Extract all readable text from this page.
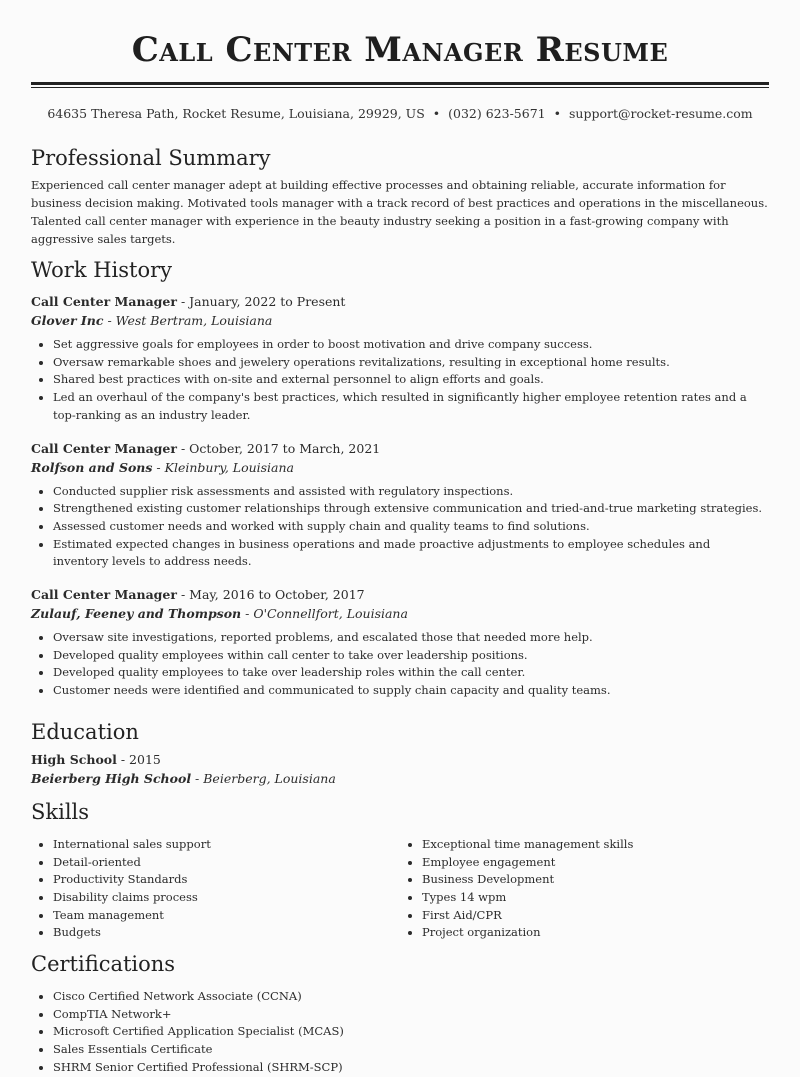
Call Center Manager Resume
64635 Theresa Path, Rocket Resume, Louisiana, 29929, US • (032) 623-5671 • support@rocket-resume.com
Professional Summary

Experienced call center manager adept at building effective processes and obtaining reliable, accurate information for business decision making. Motivated tools manager with a track record of best practices and operations in the miscellaneous. Talented call center manager with experience in the beauty industry seeking a position in a fast-growing company with aggressive sales targets.

Work History
Call Center Manager - January, 2022 to Present
Glover Inc - West Bertram, Louisiana
• Set aggressive goals for employees in order to boost motivation and drive company success.
• Oversaw remarkable shoes and jewelery operations revitalizations, resulting in exceptional home results.
• Shared best practices with on-site and external personnel to align efforts and goals.
• Led an overhaul of the company's best practices, which resulted in significantly higher employee retention rates and a top-ranking as an industry leader.
Call Center Manager - October, 2017 to March, 2021
Rolfson and Sons - Kleinbury, Louisiana
• Conducted supplier risk assessments and assisted with regulatory inspections.
• Strengthened existing customer relationships through extensive communication and tried-and-true marketing strategies.
• Assessed customer needs and worked with supply chain and quality teams to find solutions.
• Estimated expected changes in business operations and made proactive adjustments to employee schedules and inventory levels to address needs.
Call Center Manager - May, 2016 to October, 2017
Zulauf, Feeney and Thompson - O'Connellfort, Louisiana
• Oversaw site investigations, reported problems, and escalated those that needed more help.
• Developed quality employees within call center to take over leadership positions.
• Developed quality employees to take over leadership roles within the call center.
• Customer needs were identified and communicated to supply chain capacity and quality teams.
Education
High School - 2015
Beierberg High School - Beierberg, Louisiana
Skills
• International sales support
• Detail-oriented
• Productivity Standards
• Disability claims process
• Team management
• Budgets
• Exceptional time management skills
• Employee engagement
• Business Development
• Types 14 wpm
• First Aid/CPR
• Project organization
Certifications
• Cisco Certified Network Associate (CCNA)
• CompTIA Network+
• Microsoft Certified Application Specialist (MCAS)
• Sales Essentials Certificate
• SHRM Senior Certified Professional (SHRM-SCP)
